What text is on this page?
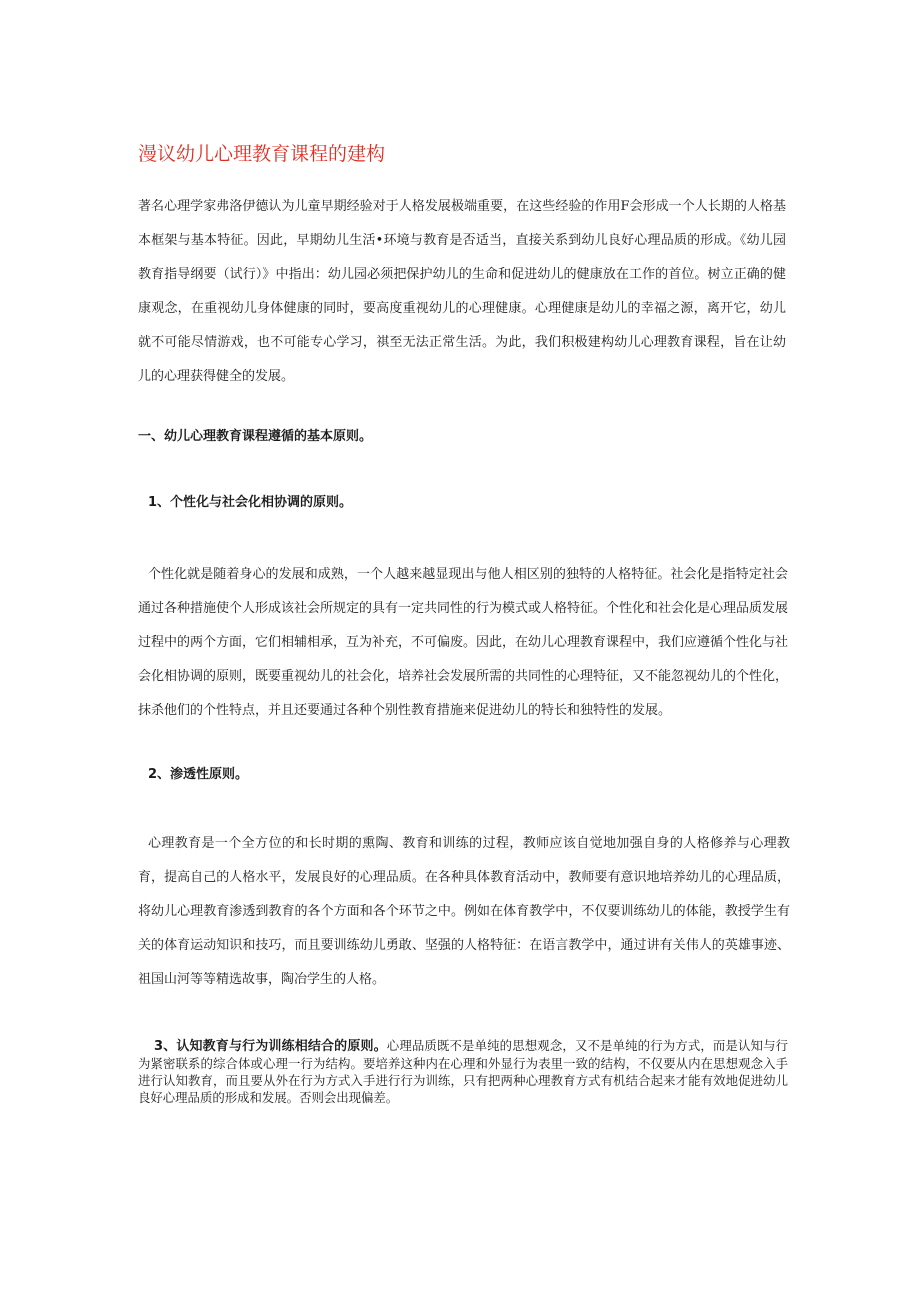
漫议幼儿心理教育课程的建构

著名心理学家弗洛伊德认为儿童早期经验对于人格发展极端重要，在这些经验的作用F会形成一个人长期的人格基本框架与基本特征。因此，早期幼儿生活•环境与教育是否适当，直接关系到幼儿良好心理品质的形成。《幼儿园教育指导纲要（试行）》中指出：幼儿园必须把保护幼儿的生命和促进幼儿的健康放在工作的首位。树立正确的健康观念，在重视幼儿身体健康的同时，要高度重视幼儿的心理健康。心理健康是幼儿的幸福之源，离开它，幼儿就不可能尽情游戏，也不可能专心学习，祺至无法正常生活。为此，我们积极建构幼儿心理教育课程，旨在让幼儿的心理获得健全的发展。

一、幼儿心理教育课程遵循的基本原则。
1、个性化与社会化相协调的原则。

个性化就是随着身心的发展和成熟，一个人越来越显现出与他人相区别的独特的人格特征。社会化是指特定社会通过各种措施使个人形成该社会所规定的具有一定共同性的行为模式或人格特征。个性化和社会化是心理品质发展过程中的两个方面，它们相辅相承，互为补充，不可偏废。因此，在幼儿心理教育课程中，我们应遵循个性化与社会化相协调的原则，既要重视幼儿的社会化，培养社会发展所需的共同性的心理特征，又不能忽视幼儿的个性化，抹杀他们的个性特点，并且还要通过各种个别性教育措施来促进幼儿的特长和独特性的发展。

2、渗透性原则。

心理教育是一个全方位的和长时期的熏陶、教育和训练的过程，教师应该自觉地加强自身的人格修养与心理教育，提高自己的人格水平，发展良好的心理品质。在各种具体教育活动中，教师要有意识地培养幼儿的心理品质，将幼儿心理教育渗透到教育的各个方面和各个环节之中。例如在体育教学中，不仅要训练幼儿的体能，教授学生有关的体育运动知识和技巧，而且要训练幼儿勇敢、坚强的人格特征：在语言教学中，通过讲有关伟人的英雄事迹、祖国山河等等精选故事，陶冶学生的人格。

3、认知教育与行为训练相结合的原则。心理品质既不是单纯的思想观念，又不是单纯的行为方式，而是认知与行为紧密联系的综合体或心理一行为结构。要培养这种内在心理和外显行为表里一致的结构，不仅要从内在思想观念入手进行认知教育，而且要从外在行为方式入手进行行为训练，只有把两种心理教育方式有机结合起来才能有效地促进幼儿良好心理品质的形成和发展。否则会出现偏差。
